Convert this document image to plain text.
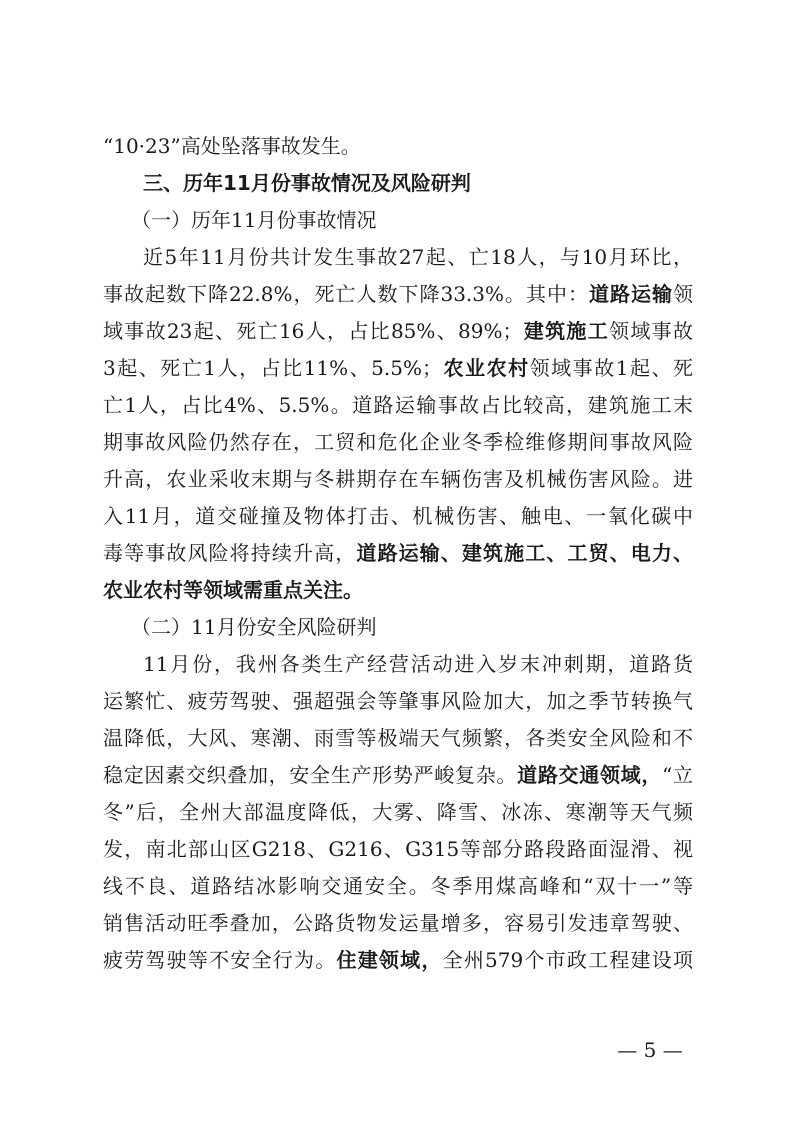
“10·23”高处坠落事故发生。

三、历年11月份事故情况及风险研判

（一）历年11月份事故情况

近5年11月份共计发生事故27起、亡18人，与10月环比，

事故起数下降22.8%，死亡人数下降33.3%。其中：道路运输领

域事故23起、死亡16人，占比85%、89%；建筑施工领域事故

3起、死亡1人，占比11%、5.5%；农业农村领域事故1起、死

亡1人，占比4%、5.5%。道路运输事故占比较高，建筑施工末

期事故风险仍然存在，工贸和危化企业冬季检维修期间事故风险

升高，农业采收末期与冬耕期存在车辆伤害及机械伤害风险。进

入11月，道交碰撞及物体打击、机械伤害、触电、一氧化碳中

毒等事故风险将持续升高，道路运输、建筑施工、工贸、电力、

农业农村等领域需重点关注。

（二）11月份安全风险研判

11月份，我州各类生产经营活动进入岁末冲刺期，道路货

运繁忙、疲劳驾驶、强超强会等肇事风险加大，加之季节转换气

温降低，大风、寒潮、雨雪等极端天气频繁，各类安全风险和不

稳定因素交织叠加，安全生产形势严峻复杂。道路交通领域，“立

冬”后，全州大部温度降低，大雾、降雪、冰冻、寒潮等天气频

发，南北部山区G218、G216、G315等部分路段路面湿滑、视

线不良、道路结冰影响交通安全。冬季用煤高峰和“双十一”等

销售活动旺季叠加，公路货物发运量增多，容易引发违章驾驶、

疲劳驾驶等不安全行为。住建领域，全州579个市政工程建设项

— 5 —
